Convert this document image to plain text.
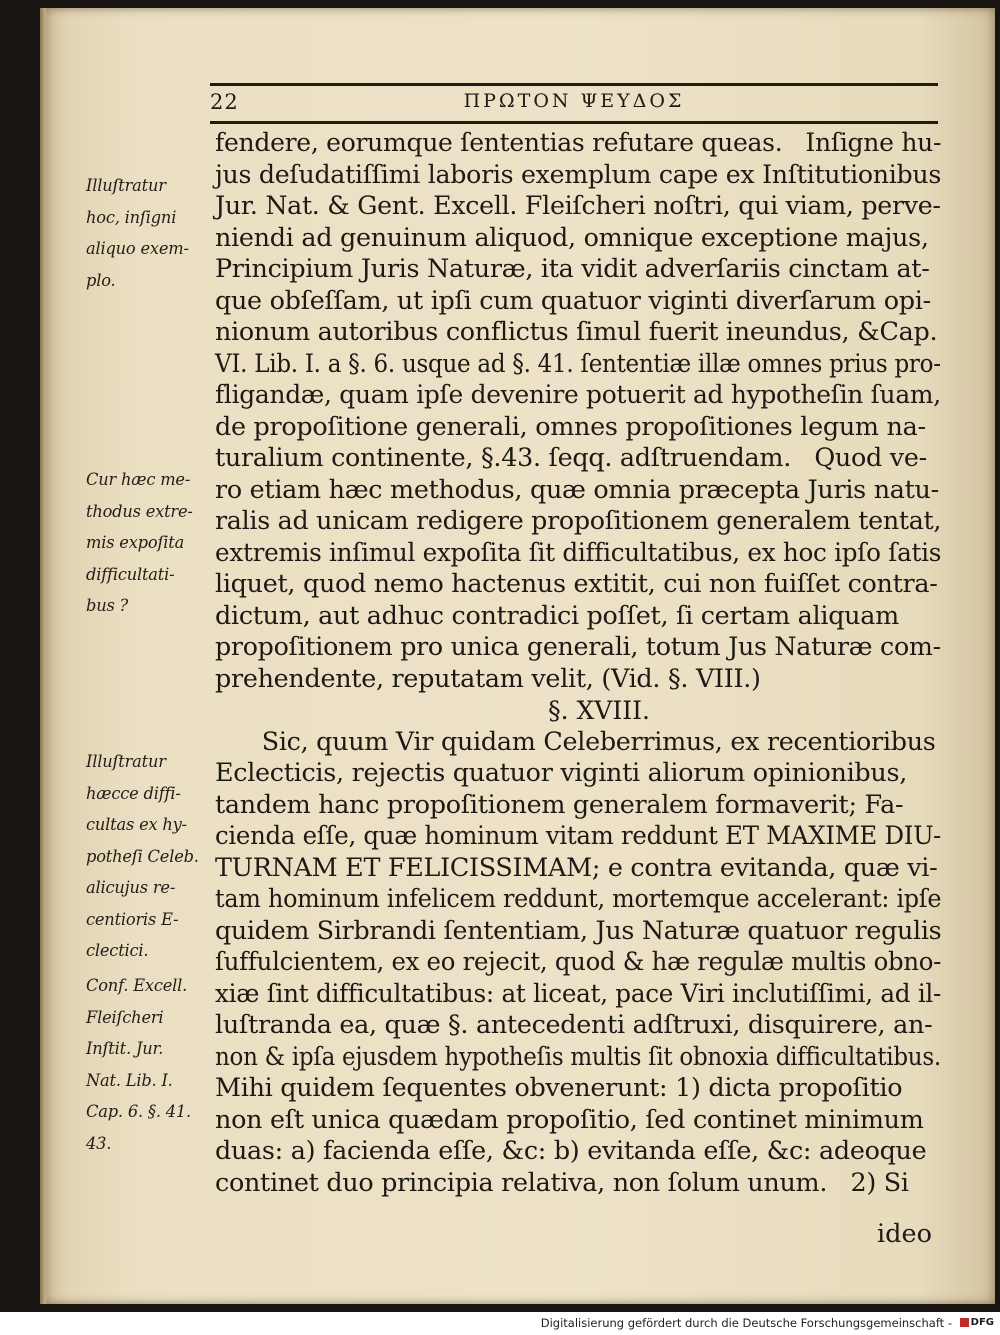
22	ΠΡΩΤΟΝ ΨΕΥΔΟΣ
fendere, eorumque ſententias refutare queas.   Inſigne hu-
jus deſudatiſſimi laboris exemplum cape ex Inſtitutionibus
Jur. Nat. & Gent. Excell. Fleiſcheri noſtri, qui viam, perve-
niendi ad genuinum aliquod, omnique exceptione majus,
Principium Juris Naturæ, ita vidit adverſariis cinctam at-
que obſeſſam, ut ipſi cum quatuor viginti diverſarum opi-
nionum autoribus conflictus ſimul fuerit ineundus, &Cap.
VI. Lib. I. a §. 6. usque ad §. 41. ſententiæ illæ omnes prius pro-
fligandæ, quam ipſe devenire potuerit ad hypotheſin ſuam,
de propoſitione generali, omnes propoſitiones legum na-
turalium continente, §.43. ſeqq. adſtruendam.   Quod ve-
ro etiam hæc methodus, quæ omnia præcepta Juris natu-
ralis ad unicam redigere propoſitionem generalem tentat,
extremis inſimul expoſita ſit difficultatibus, ex hoc ipſo ſatis
liquet, quod nemo hactenus extitit, cui non fuiſſet contra-
dictum, aut adhuc contradici poſſet, ſi certam aliquam
propoſitionem pro unica generali, totum Jus Naturæ com-
prehendente, reputatam velit, (Vid. §. VIII.)
§. XVIII.
Sic, quum Vir quidam Celeberrimus, ex recentioribus
Eclecticis, rejectis quatuor viginti aliorum opinionibus,
tandem hanc propoſitionem generalem formaverit; Fa-
cienda eſſe, quæ hominum vitam reddunt ET MAXIME DIU-
TURNAM ET FELICISSIMAM; e contra evitanda, quæ vi-
tam hominum infelicem reddunt, mortemque accelerant: ipſe
quidem Sirbrandi ſententiam, Jus Naturæ quatuor regulis
ſuffulcientem, ex eo rejecit, quod & hæ regulæ multis obno-
xiæ ſint difficultatibus: at liceat, pace Viri inclutiſſimi, ad il-
luſtranda ea, quæ §. antecedenti adſtruxi, disquirere, an-
non & ipſa ejusdem hypotheſis multis ſit obnoxia difficultatibus.
Mihi quidem ſequentes obvenerunt: 1) dicta propoſitio
non eſt unica quædam propoſitio, ſed continet minimum
duas: a) facienda eſſe, &c: b) evitanda eſſe, &c: adeoque
continet duo principia relativa, non ſolum unum.   2) Si
ideo
Illuſtratur
hoc, inſigni
aliquo exem-
plo.
Cur hæc me-
thodus extre-
mis expoſita
difficultati-
bus ?
Illuſtratur
hæcce diffi-
cultas ex hy-
potheſi Celeb.
alicujus re-
centioris E-
clectici.
Conf. Excell.
Fleiſcheri
Inſtit. Jur.
Nat. Lib. I.
Cap. 6. §. 41.
43.
Digitalisierung gefördert durch die Deutsche Forschungsgemeinschaft -	DFG
